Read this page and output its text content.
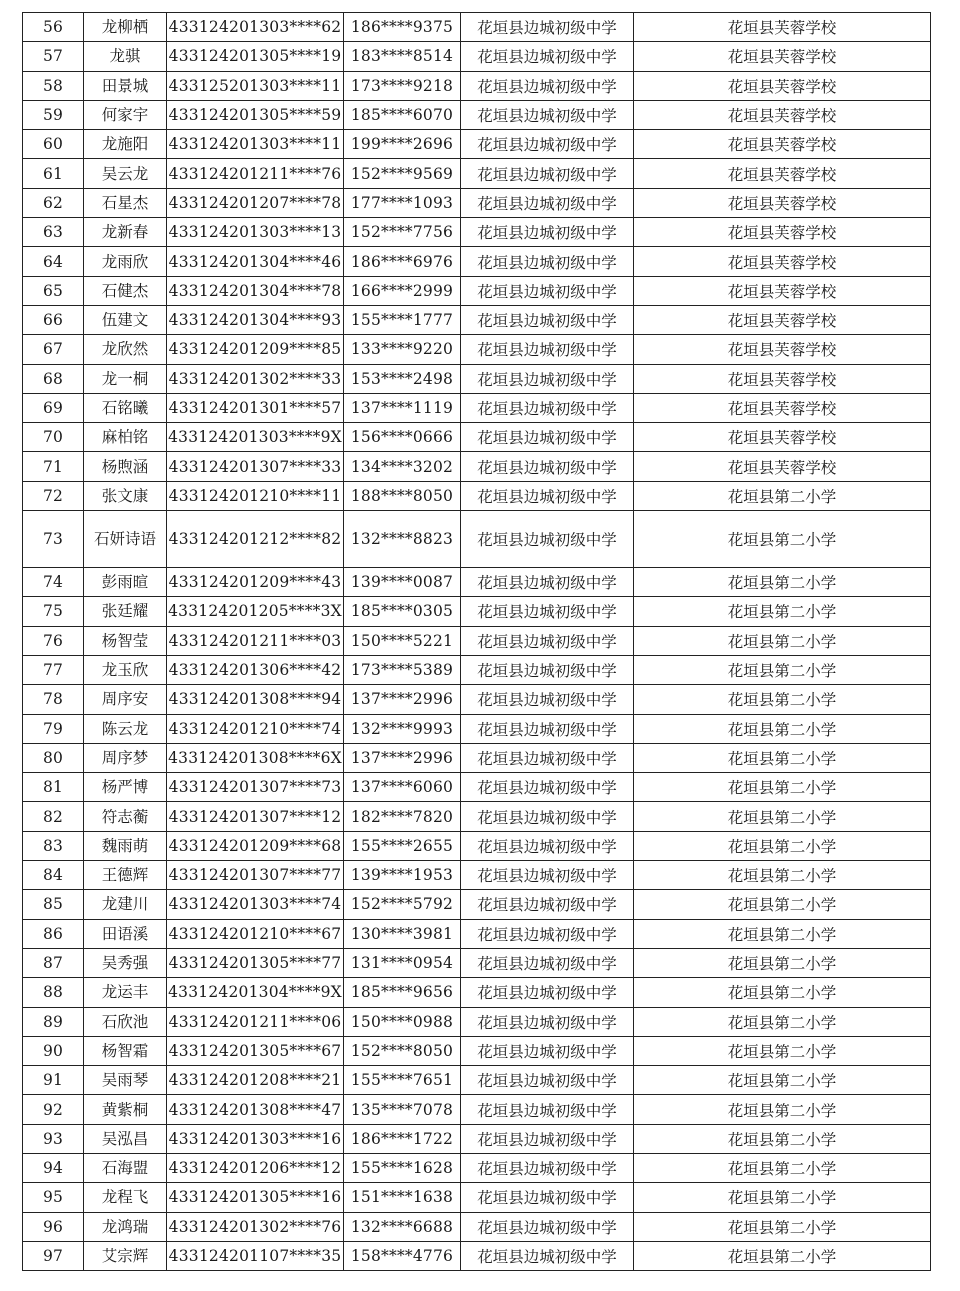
56	龙柳栖	433124201303****62	186****9375	花垣县边城初级中学	花垣县芙蓉学校
57	龙骐	433124201305****19	183****8514	花垣县边城初级中学	花垣县芙蓉学校
58	田景城	433125201303****11	173****9218	花垣县边城初级中学	花垣县芙蓉学校
59	何家宇	433124201305****59	185****6070	花垣县边城初级中学	花垣县芙蓉学校
60	龙施阳	433124201303****11	199****2696	花垣县边城初级中学	花垣县芙蓉学校
61	吴云龙	433124201211****76	152****9569	花垣县边城初级中学	花垣县芙蓉学校
62	石星杰	433124201207****78	177****1093	花垣县边城初级中学	花垣县芙蓉学校
63	龙新春	433124201303****13	152****7756	花垣县边城初级中学	花垣县芙蓉学校
64	龙雨欣	433124201304****46	186****6976	花垣县边城初级中学	花垣县芙蓉学校
65	石健杰	433124201304****78	166****2999	花垣县边城初级中学	花垣县芙蓉学校
66	伍建文	433124201304****93	155****1777	花垣县边城初级中学	花垣县芙蓉学校
67	龙欣然	433124201209****85	133****9220	花垣县边城初级中学	花垣县芙蓉学校
68	龙一桐	433124201302****33	153****2498	花垣县边城初级中学	花垣县芙蓉学校
69	石铭曦	433124201301****57	137****1119	花垣县边城初级中学	花垣县芙蓉学校
70	麻柏铭	433124201303****9X	156****0666	花垣县边城初级中学	花垣县芙蓉学校
71	杨煦涵	433124201307****33	134****3202	花垣县边城初级中学	花垣县芙蓉学校
72	张文康	433124201210****11	188****8050	花垣县边城初级中学	花垣县第二小学
73	石妍诗语	433124201212****82	132****8823	花垣县边城初级中学	花垣县第二小学
74	彭雨暄	433124201209****43	139****0087	花垣县边城初级中学	花垣县第二小学
75	张廷耀	433124201205****3X	185****0305	花垣县边城初级中学	花垣县第二小学
76	杨智莹	433124201211****03	150****5221	花垣县边城初级中学	花垣县第二小学
77	龙玉欣	433124201306****42	173****5389	花垣县边城初级中学	花垣县第二小学
78	周序安	433124201308****94	137****2996	花垣县边城初级中学	花垣县第二小学
79	陈云龙	433124201210****74	132****9993	花垣县边城初级中学	花垣县第二小学
80	周序梦	433124201308****6X	137****2996	花垣县边城初级中学	花垣县第二小学
81	杨严博	433124201307****73	137****6060	花垣县边城初级中学	花垣县第二小学
82	符志蘅	433124201307****12	182****7820	花垣县边城初级中学	花垣县第二小学
83	魏雨萌	433124201209****68	155****2655	花垣县边城初级中学	花垣县第二小学
84	王德辉	433124201307****77	139****1953	花垣县边城初级中学	花垣县第二小学
85	龙建川	433124201303****74	152****5792	花垣县边城初级中学	花垣县第二小学
86	田语溪	433124201210****67	130****3981	花垣县边城初级中学	花垣县第二小学
87	吴秀强	433124201305****77	131****0954	花垣县边城初级中学	花垣县第二小学
88	龙运丰	433124201304****9X	185****9656	花垣县边城初级中学	花垣县第二小学
89	石欣池	433124201211****06	150****0988	花垣县边城初级中学	花垣县第二小学
90	杨智霜	433124201305****67	152****8050	花垣县边城初级中学	花垣县第二小学
91	吴雨琴	433124201208****21	155****7651	花垣县边城初级中学	花垣县第二小学
92	黄紫桐	433124201308****47	135****7078	花垣县边城初级中学	花垣县第二小学
93	吴泓昌	433124201303****16	186****1722	花垣县边城初级中学	花垣县第二小学
94	石海盟	433124201206****12	155****1628	花垣县边城初级中学	花垣县第二小学
95	龙程飞	433124201305****16	151****1638	花垣县边城初级中学	花垣县第二小学
96	龙鸿瑞	433124201302****76	132****6688	花垣县边城初级中学	花垣县第二小学
97	艾宗辉	433124201107****35	158****4776	花垣县边城初级中学	花垣县第二小学
